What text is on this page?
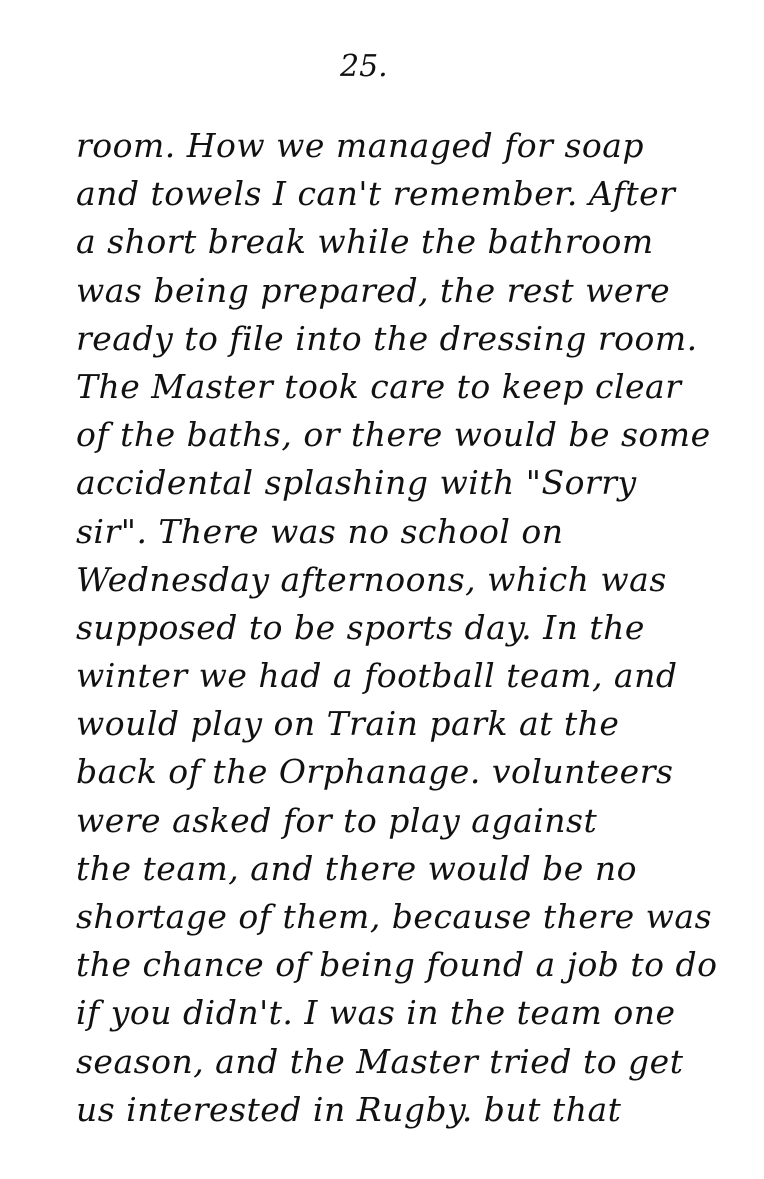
25.
room. How we managed for soap
and towels I can't remember. After
a short break while the bathroom
was being prepared, the rest were
ready to file into the dressing room.
The Master took care to keep clear
of the baths, or there would be some
accidental splashing with "Sorry
sir". There was no school on
Wednesday afternoons, which was
supposed to be sports day. In the
winter we had a football team, and
would play on Train park at the
back of the Orphanage. volunteers
were asked for to play against
the team, and there would be no
shortage of them, because there was
the chance of being found a job to do
if you didn't. I was in the team one
season, and the Master tried to get
us interested in Rugby. but that
